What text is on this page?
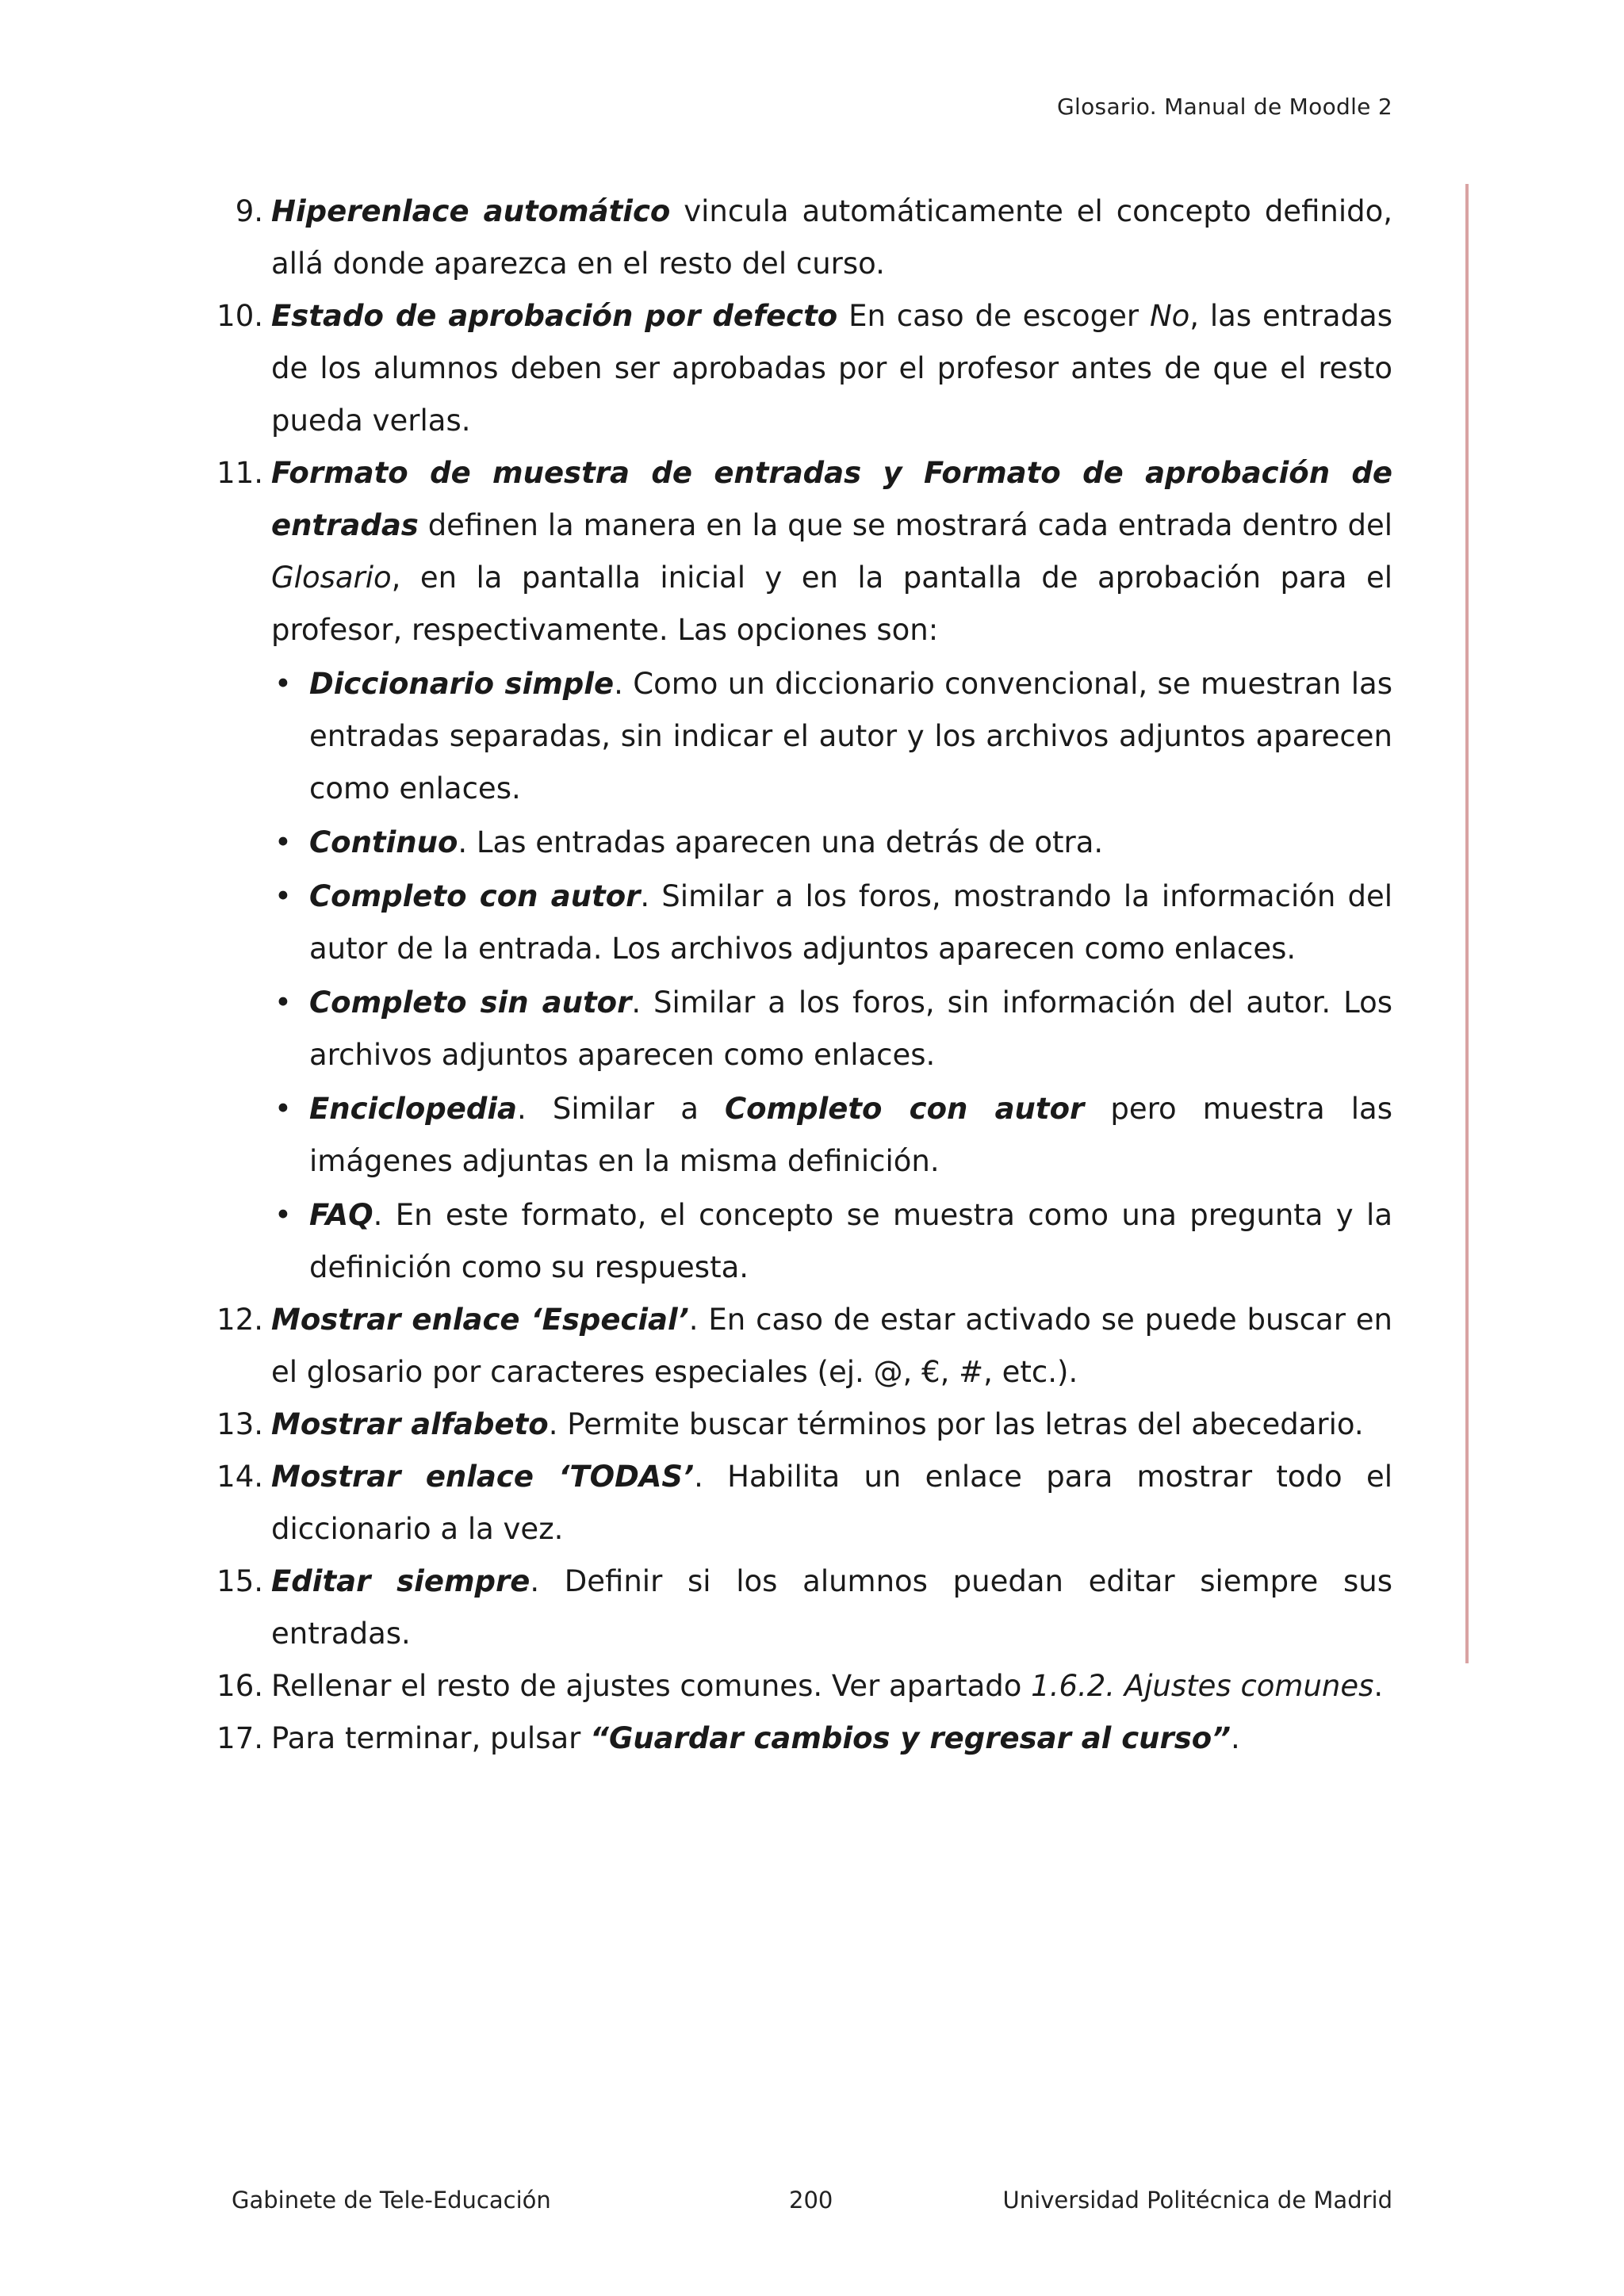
Glosario. Manual de Moodle 2
9. Hiperenlace automático vincula automáticamente el concepto definido, allá donde aparezca en el resto del curso.
10. Estado de aprobación por defecto En caso de escoger No, las entradas de los alumnos deben ser aprobadas por el profesor antes de que el resto pueda verlas.
11. Formato de muestra de entradas y Formato de aprobación de entradas definen la manera en la que se mostrará cada entrada dentro del Glosario, en la pantalla inicial y en la pantalla de aprobación para el profesor, respectivamente. Las opciones son:
• Diccionario simple. Como un diccionario convencional, se muestran las entradas separadas, sin indicar el autor y los archivos adjuntos aparecen como enlaces.
• Continuo. Las entradas aparecen una detrás de otra.
• Completo con autor. Similar a los foros, mostrando la información del autor de la entrada. Los archivos adjuntos aparecen como enlaces.
• Completo sin autor. Similar a los foros, sin información del autor. Los archivos adjuntos aparecen como enlaces.
• Enciclopedia. Similar a Completo con autor pero muestra las imágenes adjuntas en la misma definición.
• FAQ. En este formato, el concepto se muestra como una pregunta y la definición como su respuesta.
12. Mostrar enlace ‘Especial’. En caso de estar activado se puede buscar en el glosario por caracteres especiales (ej. @, €, #, etc.).
13. Mostrar alfabeto. Permite buscar términos por las letras del abecedario.
14. Mostrar enlace ‘TODAS’. Habilita un enlace para mostrar todo el diccionario a la vez.
15. Editar siempre. Definir si los alumnos puedan editar siempre sus entradas.
16. Rellenar el resto de ajustes comunes. Ver apartado 1.6.2. Ajustes comunes.
17. Para terminar, pulsar “Guardar cambios y regresar al curso”.
Gabinete de Tele-Educación	200	Universidad Politécnica de Madrid
